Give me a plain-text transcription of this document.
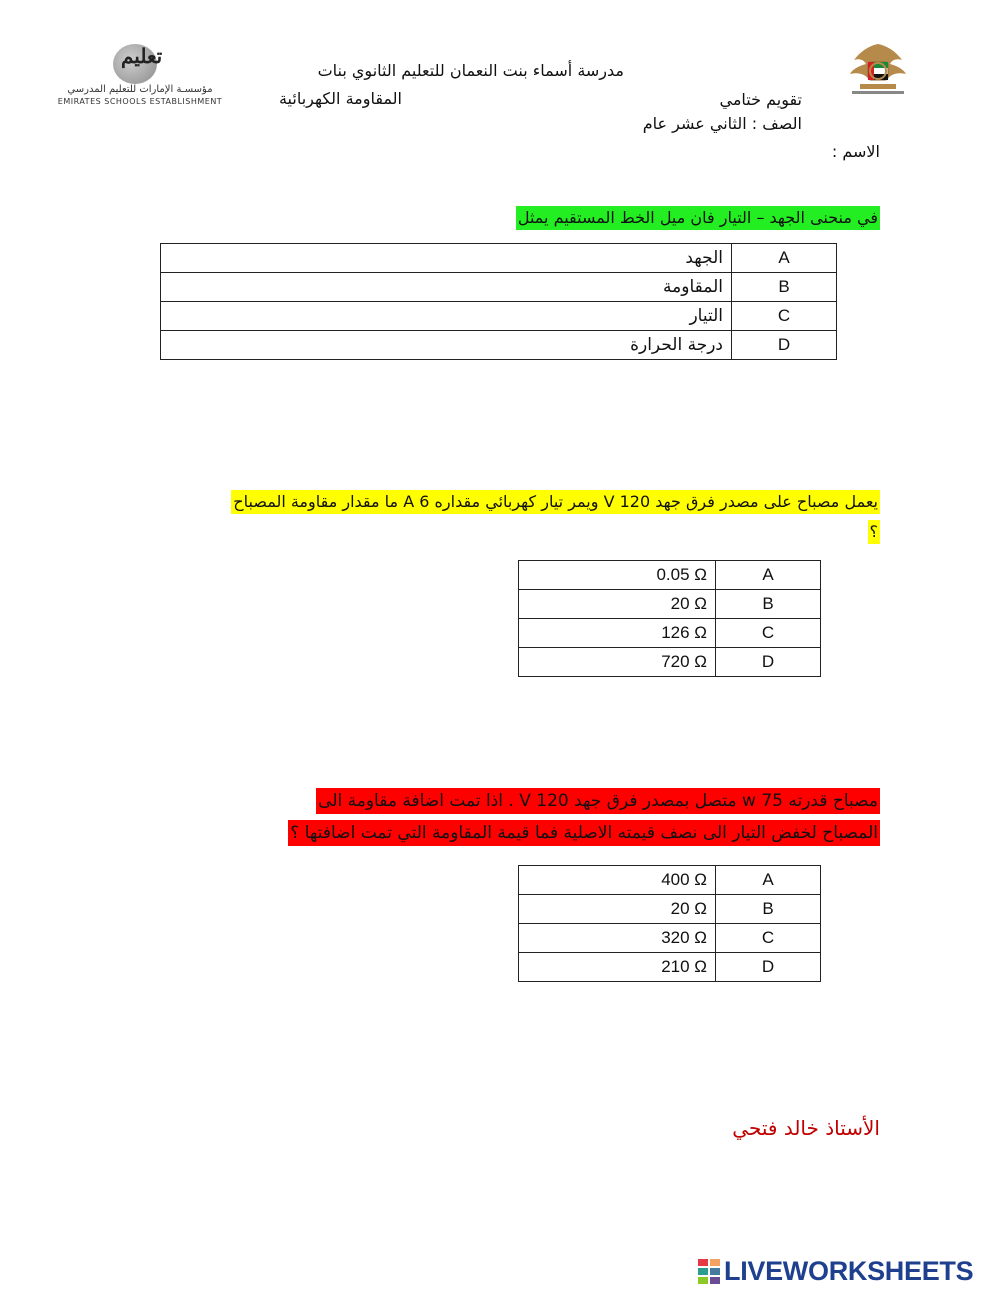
تعليم
مؤسسـة الإمارات للتعليم المدرسي
EMIRATES SCHOOLS ESTABLISHMENT
مدرسة أسماء بنت النعمان للتعليم الثانوي بنات
تقويم ختامي
المقاومة الكهربائية
الصف : الثاني عشر عام
الاسم :
في منحنى الجهد – التيار فان ميل الخط المستقيم يمثل
الجهد	A
المقاومة	B
التيار	C
درجة الحرارة	D
يعمل مصباح على مصدر فرق جهد 120 V ويمر تيار كهربائي مقداره 6 A ما مقدار مقاومة المصباح
؟
0.05 Ω	A
20 Ω	B
126 Ω	C
720 Ω	D
مصباح قدرته 75 w متصل بمصدر فرق جهد 120 V . اذا تمت اضافة مقاومة الى
المصباح لخفض التيار الى نصف قيمته الاصلية فما قيمة المقاومة التي تمت اضافتها ؟
400 Ω	A
20 Ω	B
320 Ω	C
210 Ω	D
الأستاذ خالد فتحي
LIVEWORKSHEETS
